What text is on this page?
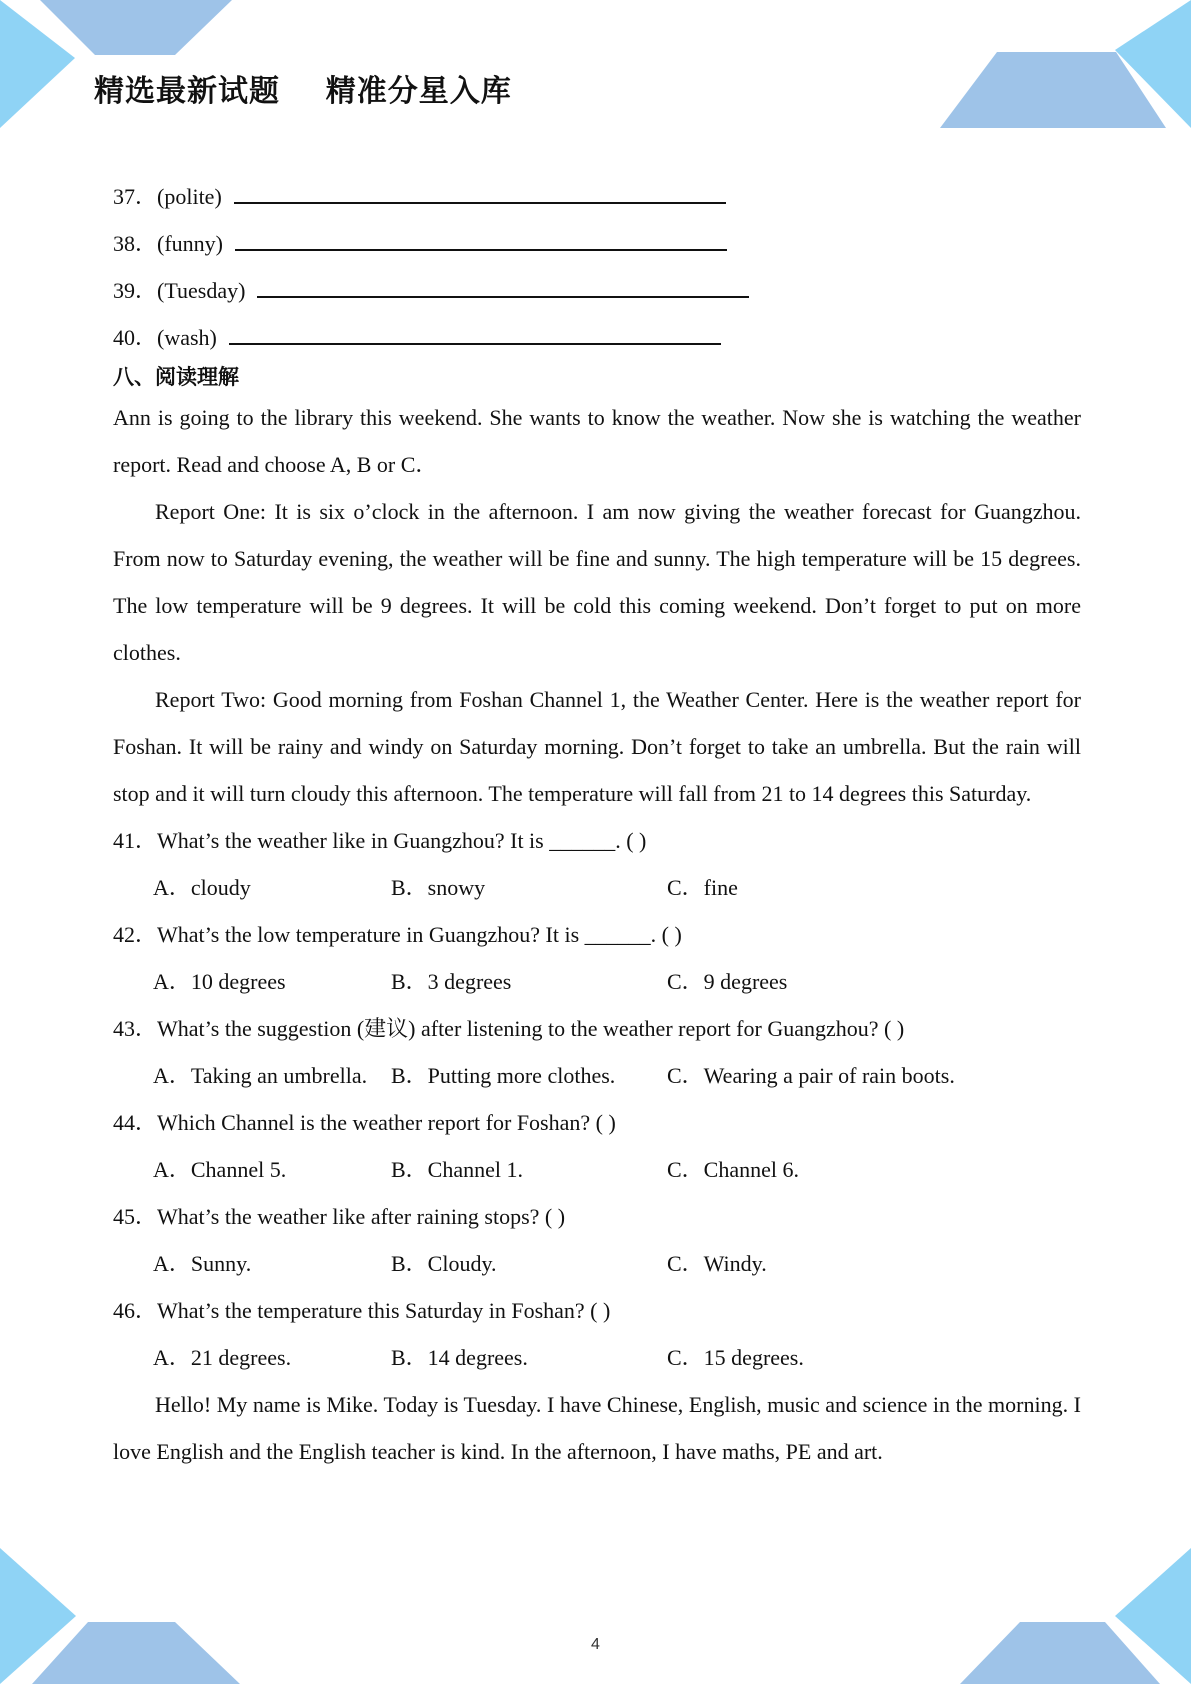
精选最新试题    精准分星入库
37．(polite)
38．(funny)
39．(Tuesday)
40．(wash)
八、阅读理解

Ann is going to the library this weekend. She wants to know the weather. Now she is watching the weather report. Read and choose A, B or C．

Report One: It is six o’clock in the afternoon. I am now giving the weather forecast for Guangzhou. From now to Saturday evening, the weather will be fine and sunny. The high temperature will be 15 degrees. The low temperature will be 9 degrees. It will be cold this coming weekend. Don’t forget to put on more clothes.

Report Two: Good morning from Foshan Channel 1, the Weather Center. Here is the weather report for Foshan. It will be rainy and windy on Saturday morning. Don’t forget to take an umbrella. But the rain will stop and it will turn cloudy this afternoon. The temperature will fall from 21 to 14 degrees this Saturday.

41．What’s the weather like in Guangzhou? It is ______. ( )
A．cloudy	B．snowy	C．fine
42．What’s the low temperature in Guangzhou? It is ______. ( )
A．10 degrees	B．3 degrees	C．9 degrees
43．What’s the suggestion (建议) after listening to the weather report for Guangzhou? ( )
A．Taking an umbrella. B．Putting more clothes. C．Wearing a pair of rain boots.
44．Which Channel is the weather report for Foshan? ( )
A．Channel 5.	B．Channel 1.	C．Channel 6.
45．What’s the weather like after raining stops? ( )
A．Sunny.	B．Cloudy.	C．Windy.
46．What’s the temperature this Saturday in Foshan? ( )
A．21 degrees.	B．14 degrees.	C．15 degrees.

Hello! My name is Mike. Today is Tuesday. I have Chinese, English, music and science in the morning. I love English and the English teacher is kind. In the afternoon, I have maths, PE and art.

4
